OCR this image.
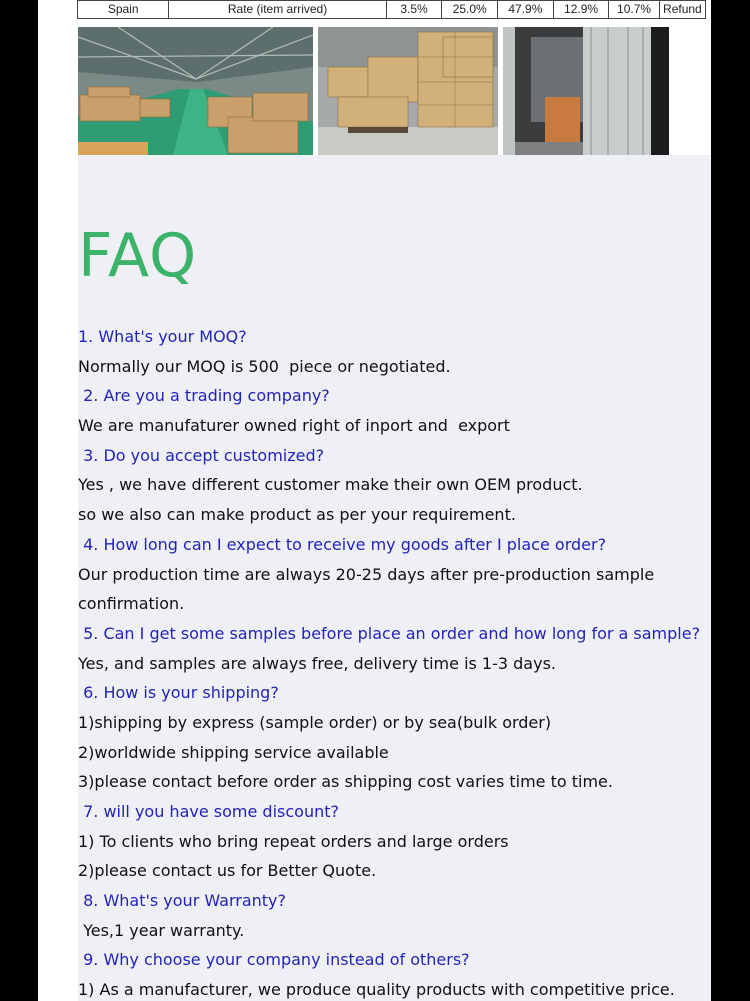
Spain	Rate (item arrived)	3.5%	25.0%	47.9%	12.9%	10.7%	Refund
FAQ
1. What's your MOQ?
Normally our MOQ is 500  piece or negotiated.
2. Are you a trading company?
We are manufaturer owned right of inport and  export
3. Do you accept customized?
Yes , we have different customer make their own OEM product.
so we also can make product as per your requirement.
4. How long can I expect to receive my goods after I place order?
Our production time are always 20-25 days after pre-production sample
confirmation.
5. Can I get some samples before place an order and how long for a sample?
Yes, and samples are always free, delivery time is 1-3 days.
6. How is your shipping?
1)shipping by express (sample order) or by sea(bulk order)
2)worldwide shipping service available
3)please contact before order as shipping cost varies time to time.
7. will you have some discount?
1) To clients who bring repeat orders and large orders
2)please contact us for Better Quote.
8. What's your Warranty?
Yes,1 year warranty.
9. Why choose your company instead of others?
1) As a manufacturer, we produce quality products with competitive price.
